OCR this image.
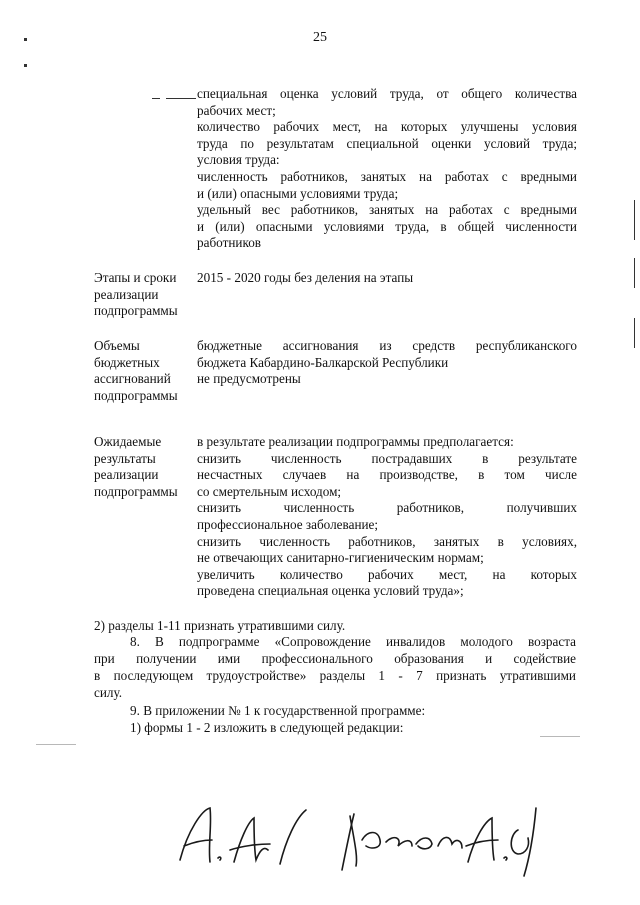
25
специальная оценка условий труда, от общего количества
рабочих мест;
количество рабочих мест, на которых улучшены условия
труда по результатам специальной оценки условий труда;
условия труда:
численность работников, занятых на работах с вредными
и (или) опасными условиями труда;
удельный вес работников, занятых на работах с вредными
и (или) опасными условиями труда, в общей численности
работников
Этапы и сроки
реализации
подпрограммы
2015 - 2020 годы без деления на этапы
Объемы
бюджетных
ассигнований
подпрограммы
бюджетные ассигнования из средств республиканского
бюджета Кабардино-Балкарской Республики
не предусмотрены
Ожидаемые
результаты
реализации
подпрограммы
в результате реализации подпрограммы предполагается:
снизить численность пострадавших в результате
несчастных случаев на производстве, в том числе
со смертельным исходом;
снизить численность работников, получивших
профессиональное заболевание;
снизить численность работников, занятых в условиях,
не отвечающих санитарно-гигиеническим нормам;
увеличить количество рабочих мест, на которых
проведена специальная оценка условий труда»;
2) разделы 1-11 признать утратившими силу.
8. В подпрограмме «Сопровождение инвалидов молодого возраста
при получении ими профессионального образования и содействие
в последующем трудоустройстве» разделы 1 - 7 признать утратившими
силу.
9. В приложении № 1 к государственной программе:
1) формы 1 - 2 изложить в следующей редакции:
